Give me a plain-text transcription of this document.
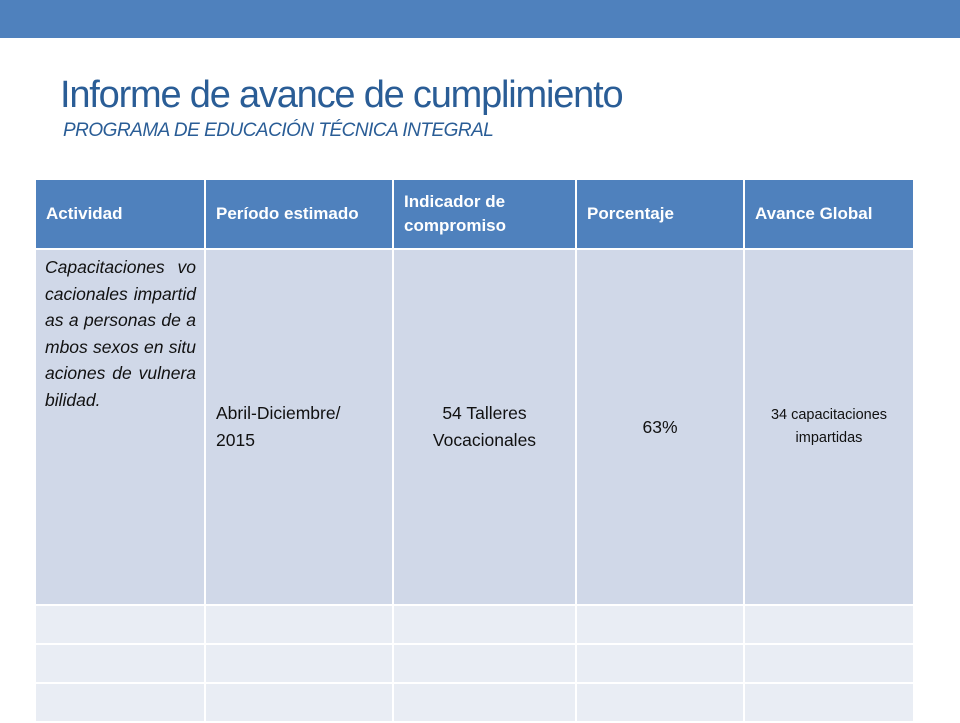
Informe de avance de cumplimiento
PROGRAMA DE EDUCACIÓN TÉCNICA INTEGRAL
Actividad	Período estimado	Indicador de compromiso	Porcentaje	Avance Global
Capacitaciones vocacionales impartidas a personas de ambos sexos en situaciones de vulnerabilidad.	Abril-Diciembre/ 2015	54 Talleres Vocacionales	63%	34 capacitaciones impartidas
